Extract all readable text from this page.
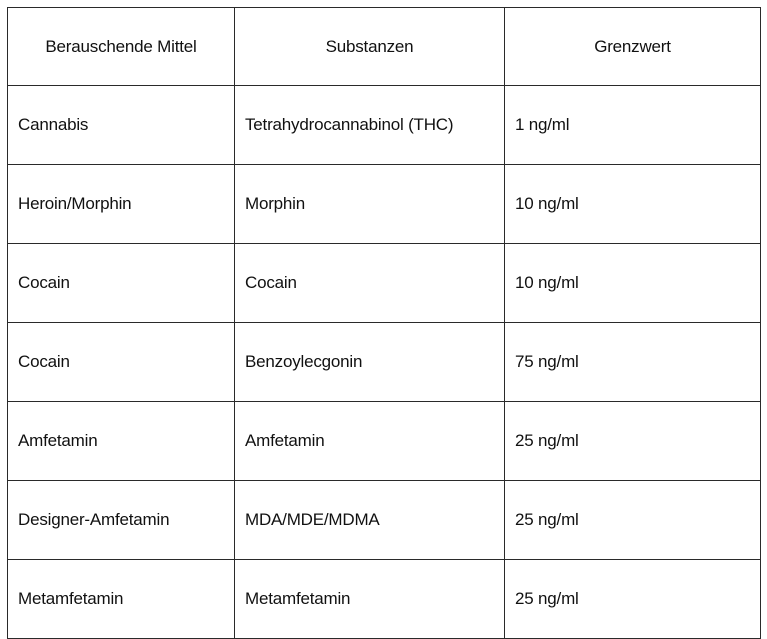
Berauschende Mittel	Substanzen	Grenzwert
Cannabis	Tetrahydrocannabinol (THC)	1 ng/ml
Heroin/Morphin	Morphin	10 ng/ml
Cocain	Cocain	10 ng/ml
Cocain	Benzoylecgonin	75 ng/ml
Amfetamin	Amfetamin	25 ng/ml
Designer-Amfetamin	MDA/MDE/MDMA	25 ng/ml
Metamfetamin	Metamfetamin	25 ng/ml
